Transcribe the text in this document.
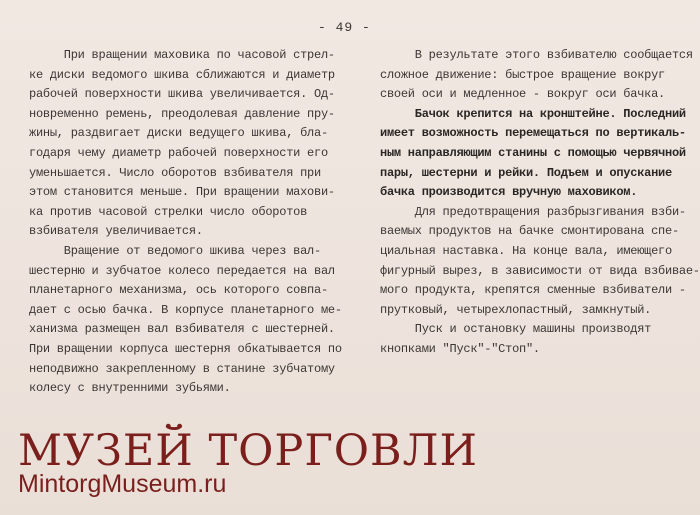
- 49 -
При вращении маховика по часовой стрел-
ке диски ведомого шкива сближаются и диаметр
рабочей поверхности шкива увеличивается. Од-
новременно ремень, преодолевая давление пру-
жины, раздвигает диски ведущего шкива, бла-
годаря чему диаметр рабочей поверхности его
уменьшается. Число оборотов взбивателя при
этом становится меньше. При вращении махови-
ка против часовой стрелки число оборотов
взбивателя увеличивается.
Вращение от ведомого шкива через вал-
шестерню и зубчатое колесо передается на вал
планетарного механизма, ось которого совпа-
дает с осью бачка. В корпусе планетарного ме-
ханизма размещен вал взбивателя с шестерней.
При вращении корпуса шестерня обкатывается по
неподвижно закрепленному в станине зубчатому
колесу с внутренними зубьями.
В результате этого взбивателю сообщается
сложное движение: быстрое вращение вокруг
своей оси и медленное - вокруг оси бачка.
Бачок крепится на кронштейне. Последний
имеет возможность перемещаться по вертикаль-
ным направляющим станины с помощью червячной
пары, шестерни и рейки. Подъем и опускание
бачка производится вручную маховиком.
Для предотвращения разбрызгивания взби-
ваемых продуктов на бачке смонтирована спе-
циальная наставка. На конце вала, имеющего
фигурный вырез, в зависимости от вида взбивае-
мого продукта, крепятся сменные взбиватели -
прутковый, четырехлопастный, замкнутый.
Пуск и остановку машины производят
кнопками "Пуск"-"Стоп".
МУЗЕЙ ТОРГОВЛИ
MintorgMuseum.ru
